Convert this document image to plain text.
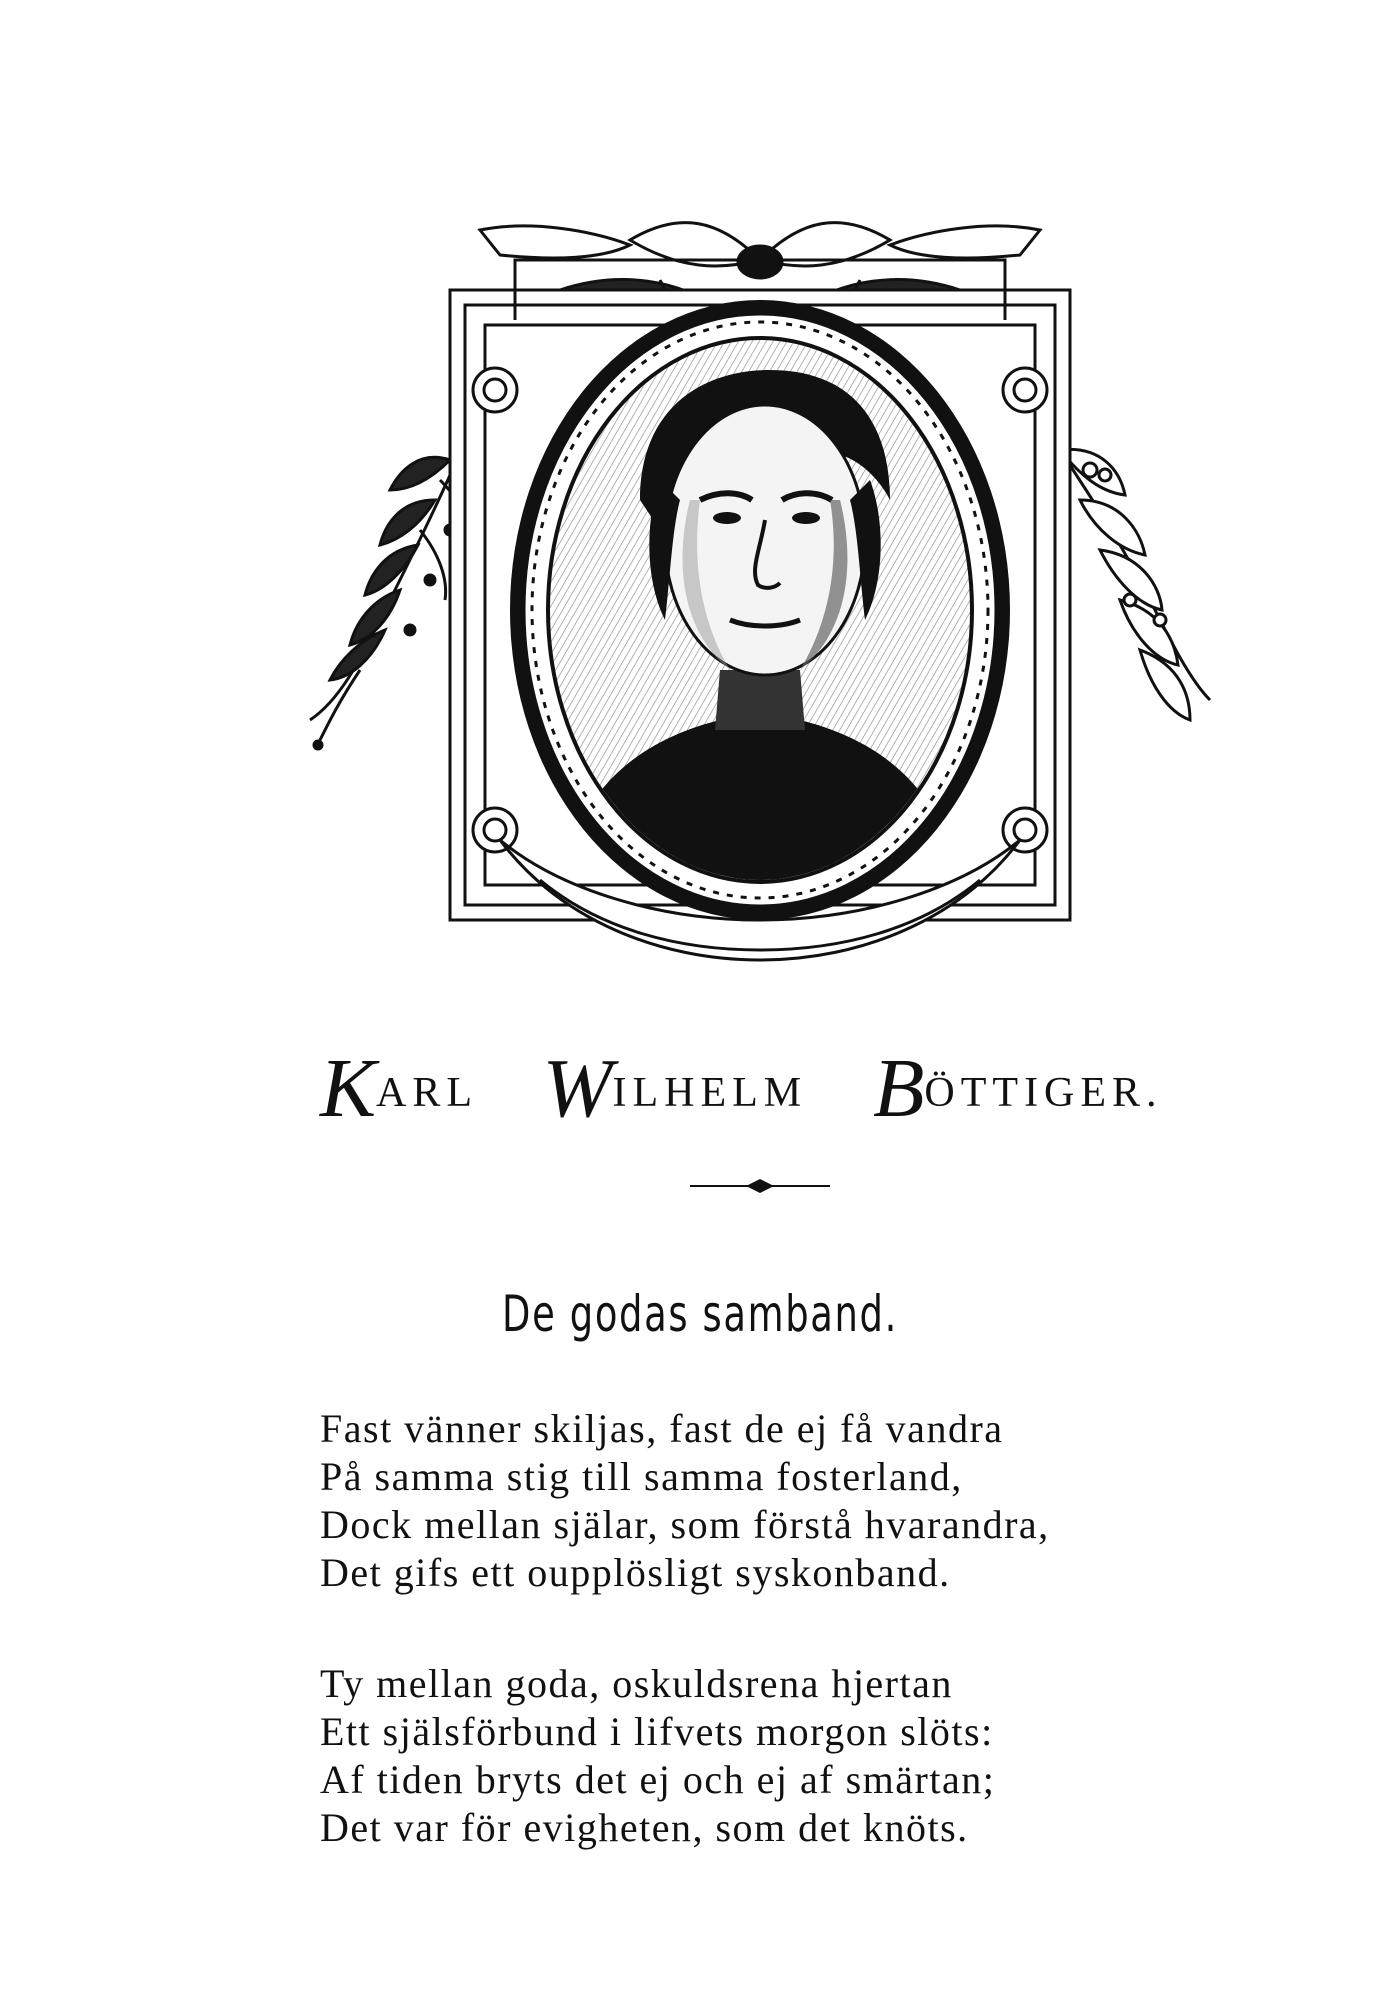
KARL WILHELM BÖTTIGER.
De godas samband.
Fast vänner skiljas, fast de ej få vandra
På samma stig till samma fosterland,
Dock mellan själar, som förstå hvarandra,
Det gifs ett oupplösligt syskonband.
Ty mellan goda, oskuldsrena hjertan
Ett själsförbund i lifvets morgon slöts:
Af tiden bryts det ej och ej af smärtan;
Det var för evigheten, som det knöts.
